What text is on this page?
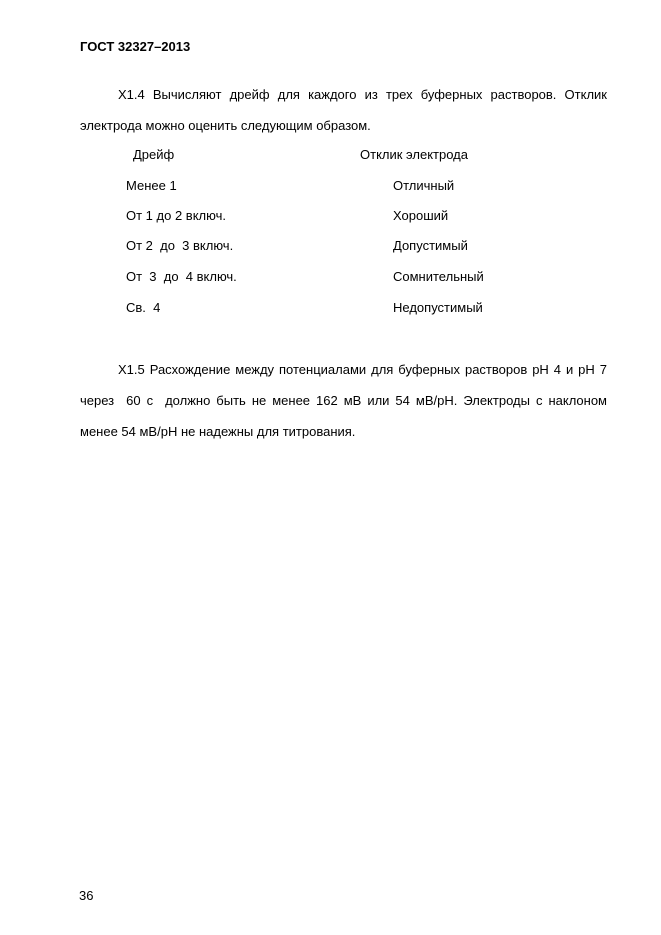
ГОСТ 32327–2013
X1.4 Вычисляют дрейф для каждого из трех буферных растворов. Отклик
электрода можно оценить следующим образом.
Дрейф	Отклик электрода
Менее 1	Отличный
От 1 до 2 включ.	Хороший
От 2  до  3 включ.	Допустимый
От  3  до  4 включ.	Сомнительный
Св.  4	Недопустимый
X1.5 Расхождение между потенциалами для буферных растворов pH 4 и pH 7
через  60 с  должно быть не менее 162 мВ или 54 мВ/pH. Электроды с наклоном
менее 54 мВ/pH не надежны для титрования.
36
